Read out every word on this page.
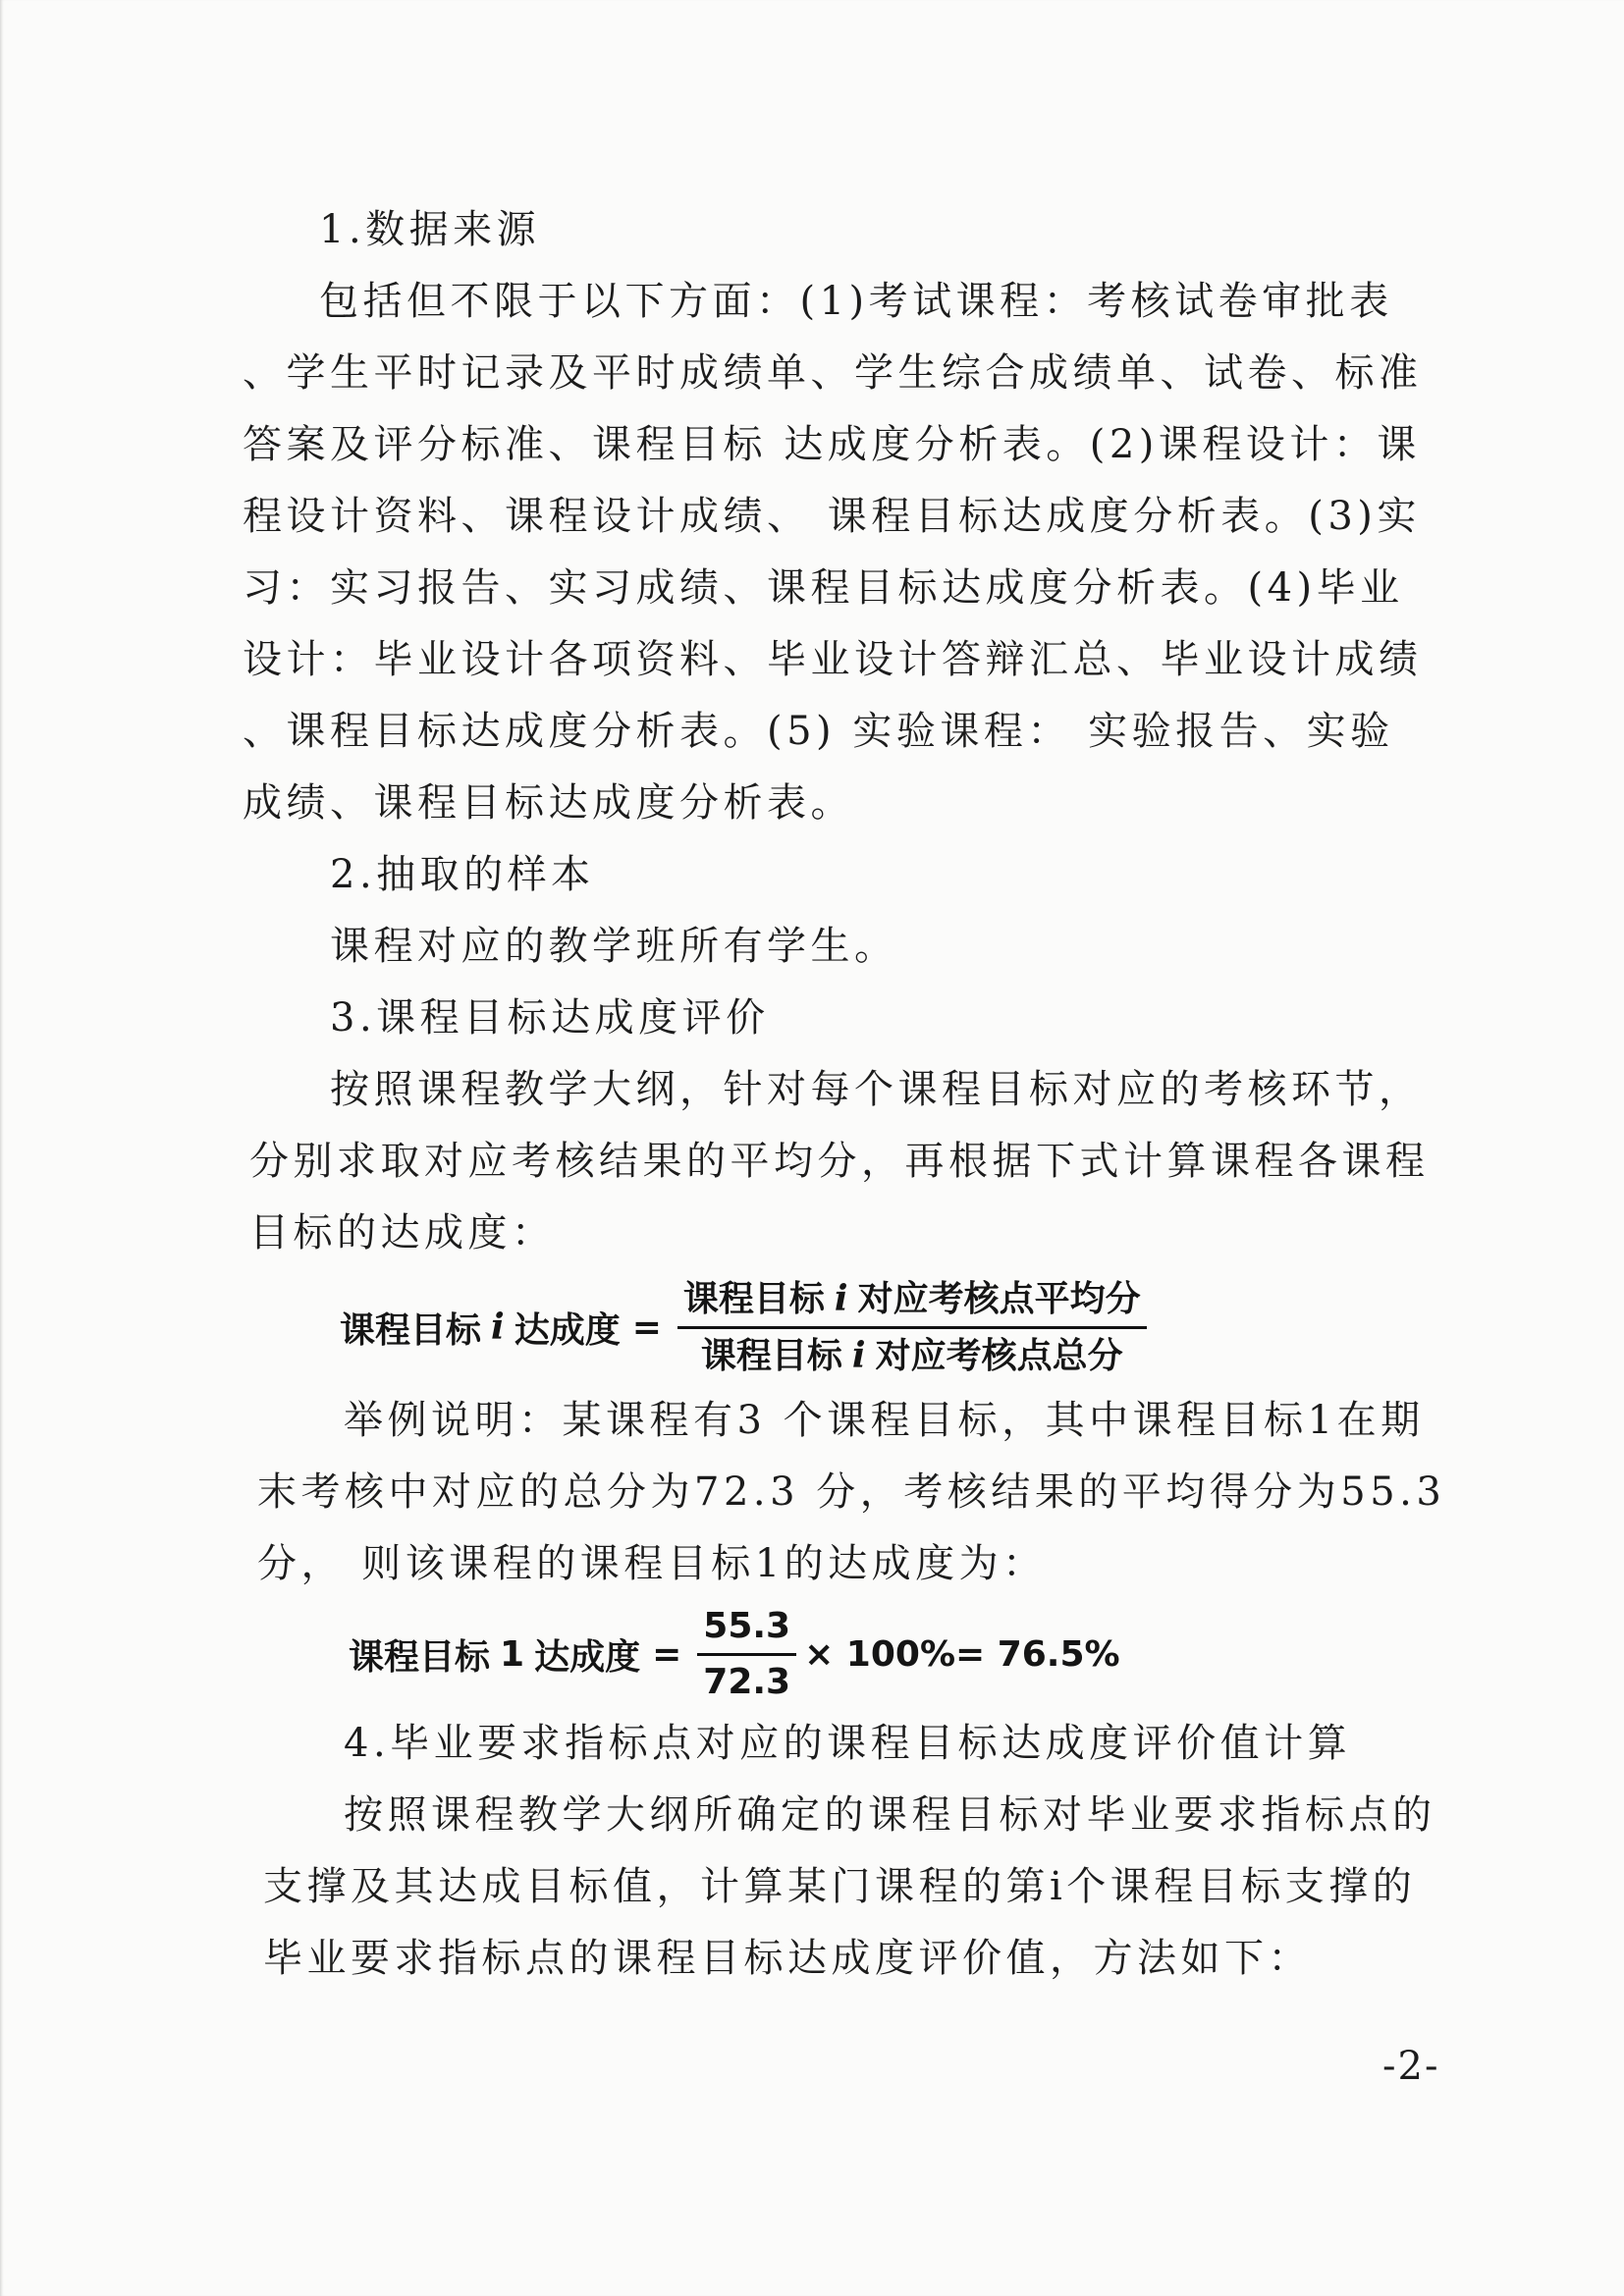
1.数据来源
包括但不限于以下方面：(1)考试课程：考核试卷审批表
、学生平时记录及平时成绩单、学生综合成绩单、试卷、标准
答案及评分标准、课程目标 达成度分析表。(2)课程设计：课
程设计资料、课程设计成绩、 课程目标达成度分析表。(3)实
习：实习报告、实习成绩、课程目标达成度分析表。(4)毕业
设计：毕业设计各项资料、毕业设计答辩汇总、毕业设计成绩
、课程目标达成度分析表。(5) 实验课程： 实验报告、实验
成绩、课程目标达成度分析表。
2.抽取的样本
课程对应的教学班所有学生。
3.课程目标达成度评价
按照课程教学大纲，针对每个课程目标对应的考核环节，
分别求取对应考核结果的平均分，再根据下式计算课程各课程
目标的达成度：
课程目标 i 达成度 = $\frac{\text{课程目标 i 对应考核点平均分}}{\text{课程目标 i 对应考核点总分}}$
举例说明：某课程有3 个课程目标，其中课程目标1在期
末考核中对应的总分为72.3 分，考核结果的平均得分为55.3
分， 则该课程的课程目标1的达成度为：
课程目标 1 达成度 = $\frac{55.3}{72.3} \times 100\%= 76.5\%$
4.毕业要求指标点对应的课程目标达成度评价值计算
按照课程教学大纲所确定的课程目标对毕业要求指标点的
支撑及其达成目标值，计算某门课程的第i个课程目标支撑的
毕业要求指标点的课程目标达成度评价值，方法如下：
-2-
